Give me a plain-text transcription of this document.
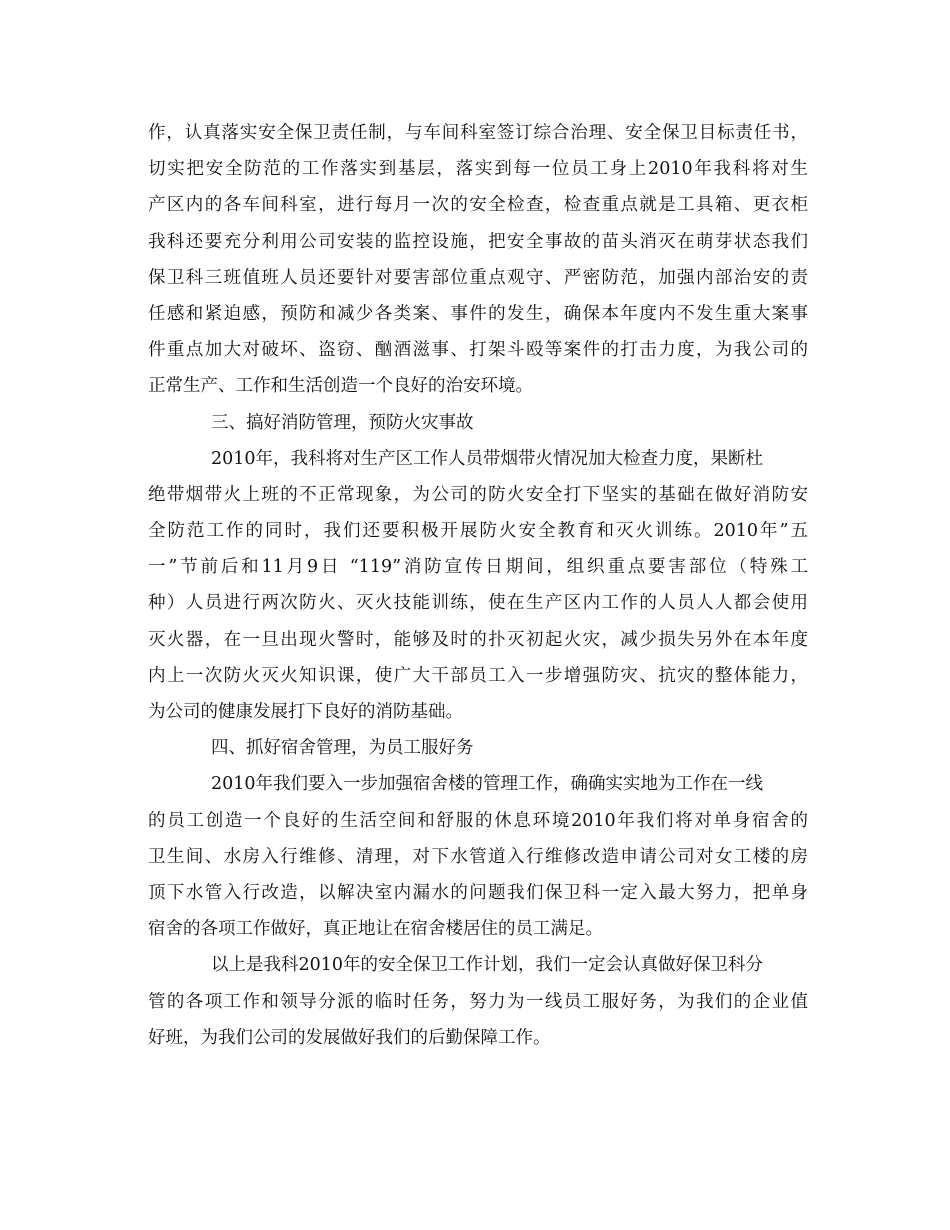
作，认真落实安全保卫责任制，与车间科室签订综合治理、安全保卫目标责任书，
切实把安全防范的工作落实到基层，落实到每一位员工身上2010年我科将对生
产区内的各车间科室，进行每月一次的安全检查，检查重点就是工具箱、更衣柜
我科还要充分利用公司安装的监控设施，把安全事故的苗头消灭在萌芽状态我们
保卫科三班值班人员还要针对要害部位重点观守、严密防范，加强内部治安的责
任感和紧迫感，预防和减少各类案、事件的发生，确保本年度内不发生重大案事
件重点加大对破坏、盗窃、酗酒滋事、打架斗殴等案件的打击力度，为我公司的
正常生产、工作和生活创造一个良好的治安环境。
三、搞好消防管理，预防火灾事故
2010年，我科将对生产区工作人员带烟带火情况加大检查力度，果断杜
绝带烟带火上班的不正常现象，为公司的防火安全打下坚实的基础在做好消防安
全防范工作的同时，我们还要积极开展防火安全教育和灭火训练。2010年”五
一”节前后和11月9日 “119”消防宣传日期间，组织重点要害部位（特殊工
种）人员进行两次防火、灭火技能训练，使在生产区内工作的人员人人都会使用
灭火器，在一旦出现火警时，能够及时的扑灭初起火灾，减少损失另外在本年度
内上一次防火灭火知识课，使广大干部员工入一步增强防灾、抗灾的整体能力，
为公司的健康发展打下良好的消防基础。
四、抓好宿舍管理，为员工服好务
2010年我们要入一步加强宿舍楼的管理工作，确确实实地为工作在一线
的员工创造一个良好的生活空间和舒服的休息环境2010年我们将对单身宿舍的
卫生间、水房入行维修、清理，对下水管道入行维修改造申请公司对女工楼的房
顶下水管入行改造，以解决室内漏水的问题我们保卫科一定入最大努力，把单身
宿舍的各项工作做好，真正地让在宿舍楼居住的员工满足。
以上是我科2010年的安全保卫工作计划，我们一定会认真做好保卫科分
管的各项工作和领导分派的临时任务，努力为一线员工服好务，为我们的企业值
好班，为我们公司的发展做好我们的后勤保障工作。
